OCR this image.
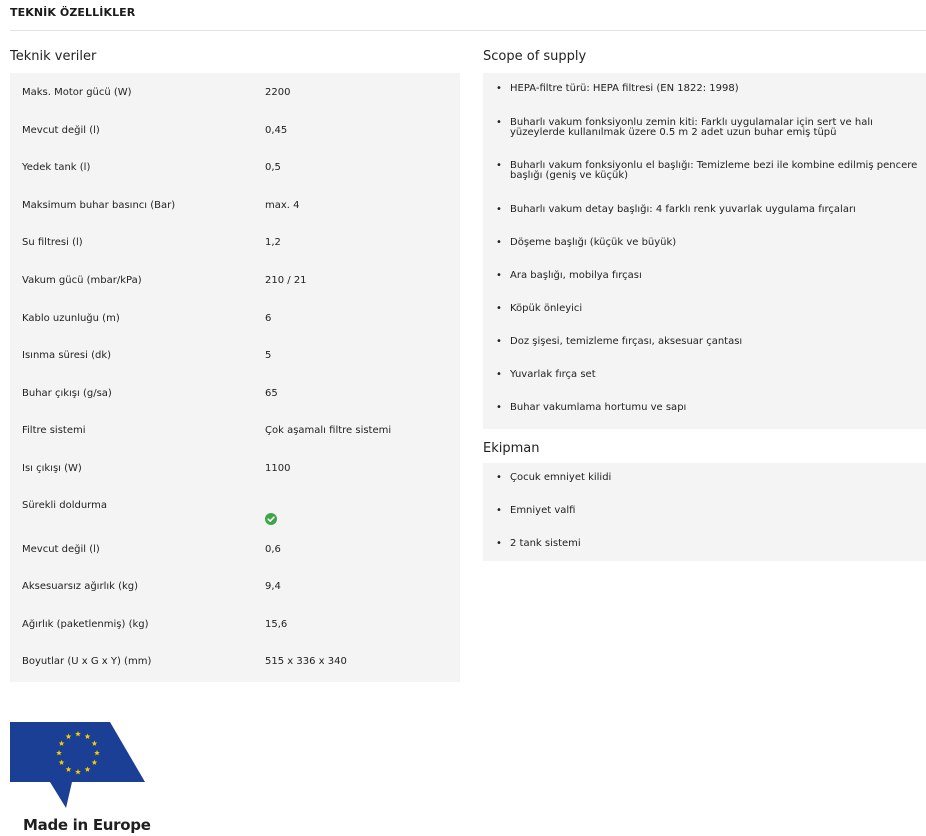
TEKNİK ÖZELLİKLER
Teknik veriler
Maks. Motor gücü (W)	2200
Mevcut değil (l)	0,45
Yedek tank (l)	0,5
Maksimum buhar basıncı (Bar)	max. 4
Su filtresi (l)	1,2
Vakum gücü (mbar/kPa)	210 / 21
Kablo uzunluğu (m)	6
Isınma süresi (dk)	5
Buhar çıkışı (g/sa)	65
Filtre sistemi	Çok aşamalı filtre sistemi
Isı çıkışı (W)	1100
Sürekli doldurma
Mevcut değil (l)	0,6
Aksesuarsız ağırlık (kg)	9,4
Ağırlık (paketlenmiş) (kg)	15,6
Boyutlar (U x G x Y) (mm)	515 x 336 x 340
Scope of supply
• HEPA-filtre türü: HEPA filtresi (EN 1822: 1998)
• Buharlı vakum fonksiyonlu zemin kiti: Farklı uygulamalar için sert ve halı yüzeylerde kullanılmak üzere 0.5 m 2 adet uzun buhar emiş tüpü
• Buharlı vakum fonksiyonlu el başlığı: Temizleme bezi ile kombine edilmiş pencere başlığı (geniş ve küçük)
• Buharlı vakum detay başlığı: 4 farklı renk yuvarlak uygulama fırçaları
• Döşeme başlığı (küçük ve büyük)
• Ara başlığı, mobilya fırçası
• Köpük önleyici
• Doz şişesi, temizleme fırçası, aksesuar çantası
• Yuvarlak fırça set
• Buhar vakumlama hortumu ve sapı
Ekipman
• Çocuk emniyet kilidi
• Emniyet valfi
• 2 tank sistemi
Made in Europe
